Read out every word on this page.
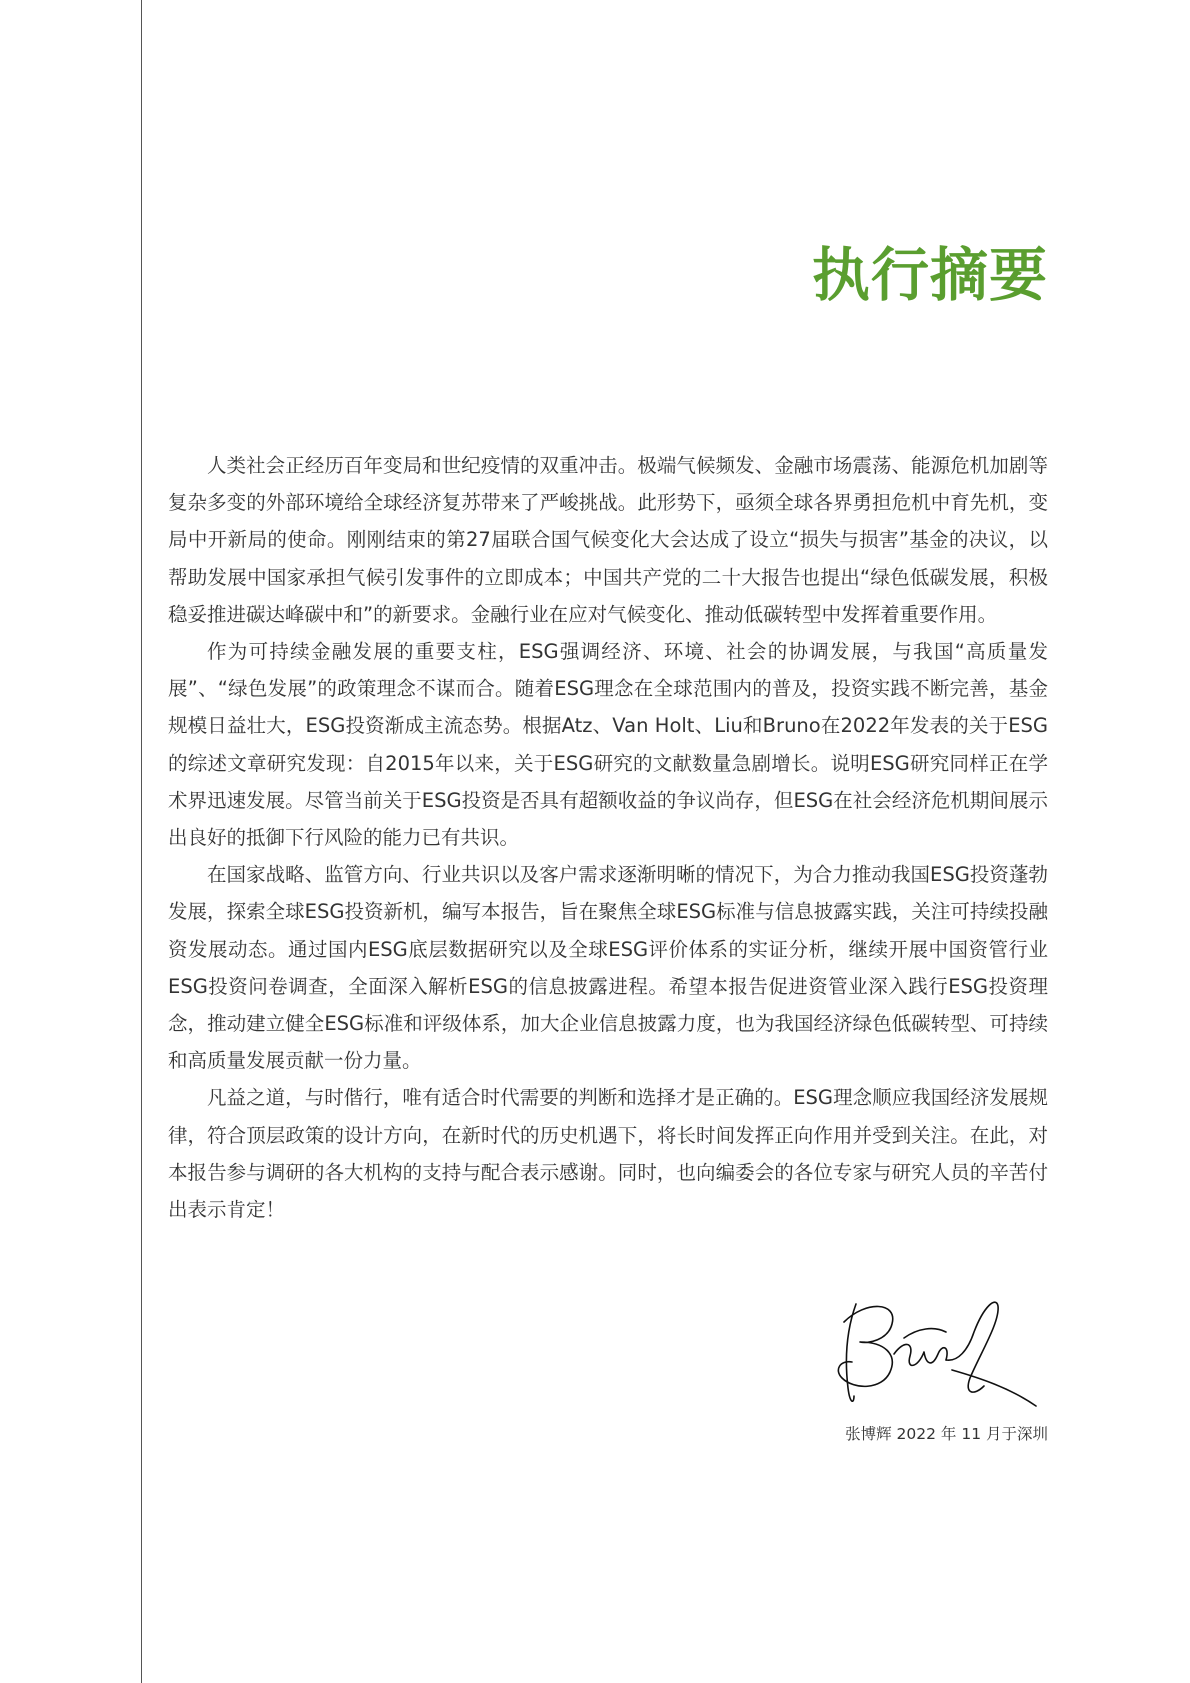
执行摘要

人类社会正经历百年变局和世纪疫情的双重冲击。极端气候频发、金融市场震荡、能源危机加剧等复杂多变的外部环境给全球经济复苏带来了严峻挑战。此形势下，亟须全球各界勇担危机中育先机，变局中开新局的使命。刚刚结束的第27届联合国气候变化大会达成了设立“损失与损害”基金的决议，以帮助发展中国家承担气候引发事件的立即成本；中国共产党的二十大报告也提出“绿色低碳发展，积极稳妥推进碳达峰碳中和”的新要求。金融行业在应对气候变化、推动低碳转型中发挥着重要作用。

作为可持续金融发展的重要支柱，ESG强调经济、环境、社会的协调发展，与我国“高质量发展”、“绿色发展”的政策理念不谋而合。随着ESG理念在全球范围内的普及，投资实践不断完善，基金规模日益壮大，ESG投资渐成主流态势。根据Atz、Van Holt、Liu和Bruno在2022年发表的关于ESG的综述文章研究发现：自2015年以来，关于ESG研究的文献数量急剧增长。说明ESG研究同样正在学术界迅速发展。尽管当前关于ESG投资是否具有超额收益的争议尚存，但ESG在社会经济危机期间展示出良好的抵御下行风险的能力已有共识。

在国家战略、监管方向、行业共识以及客户需求逐渐明晰的情况下，为合力推动我国ESG投资蓬勃发展，探索全球ESG投资新机，编写本报告，旨在聚焦全球ESG标准与信息披露实践，关注可持续投融资发展动态。通过国内ESG底层数据研究以及全球ESG评价体系的实证分析，继续开展中国资管行业ESG投资问卷调查，全面深入解析ESG的信息披露进程。希望本报告促进资管业深入践行ESG投资理念，推动建立健全ESG标准和评级体系，加大企业信息披露力度，也为我国经济绿色低碳转型、可持续和高质量发展贡献一份力量。

凡益之道，与时偕行，唯有适合时代需要的判断和选择才是正确的。ESG理念顺应我国经济发展规律，符合顶层政策的设计方向，在新时代的历史机遇下，将长时间发挥正向作用并受到关注。在此，对本报告参与调研的各大机构的支持与配合表示感谢。同时，也向编委会的各位专家与研究人员的辛苦付出表示肯定！

张博辉 2022 年 11 月于深圳
